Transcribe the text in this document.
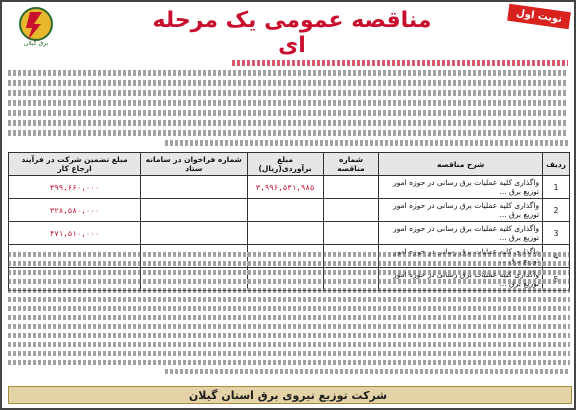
نوبت اول
مناقصه عمومی یک مرحله ای
برق گیلان
ردیف	شرح مناقصه	شماره مناقصه	مبلغ برآوردی(ریال)	شماره فراخوان در سامانه ستاد	مبلغ تضمین شرکت در فرآیند ارجاع کار
1	واگذاری کلیه عملیات برق رسانی در حوزه امور توزیع برق ...		۳,۹۹۶,۵۳۱,۹۸۵		۳۹۹,۶۶۰,۰۰۰
2	واگذاری کلیه عملیات برق رسانی در حوزه امور توزیع برق ...				۳۲۸,۵۸۰,۰۰۰
3	واگذاری کلیه عملیات برق رسانی در حوزه امور توزیع برق ...				۴۷۱,۵۱۰,۰۰۰

شرکت توزیع نیروی برق استان گیلان
